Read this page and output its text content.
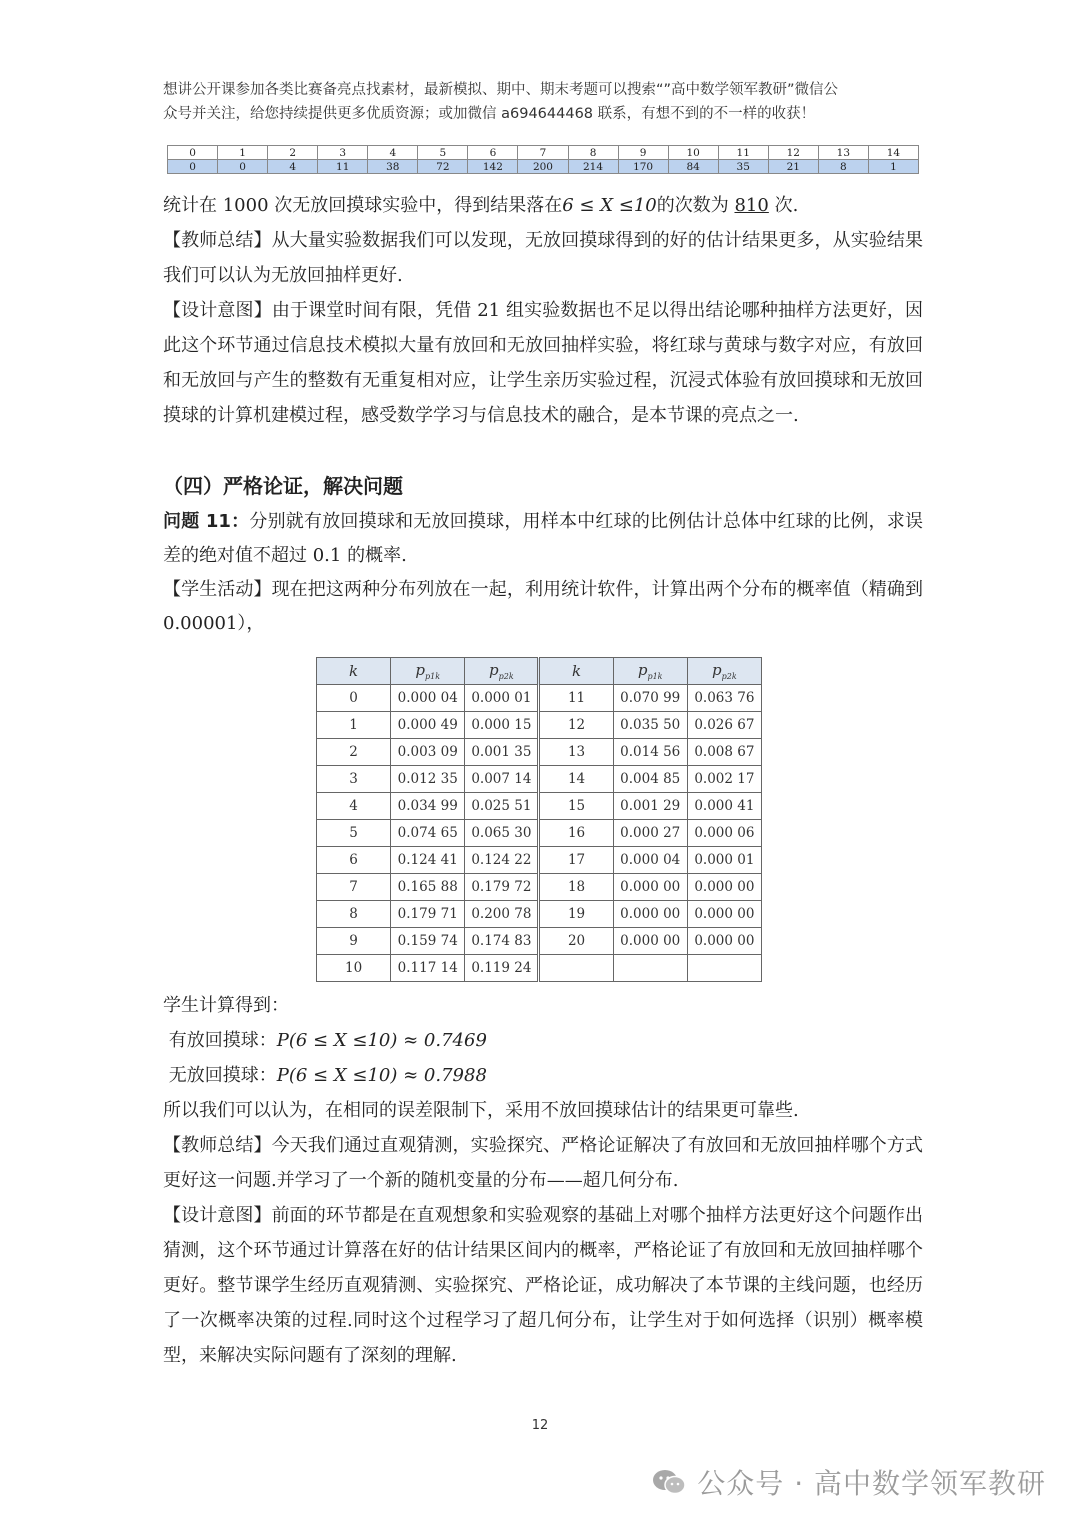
想讲公开课参加各类比赛备亮点找素材，最新模拟、期中、期末考题可以搜索“”高中数学领军教研”微信公

众号并关注，给您持续提供更多优质资源；或加微信 a694644468 联系，有想不到的不一样的收获！

0	1	2	3	4	5	6	7	8	9	10	11	12	13	14
0	0	4	11	38	72	142	200	214	170	84	35	21	8	1

统计在 1000 次无放回摸球实验中，得到结果落在6 ≤ X ≤10的次数为 810 次.

【教师总结】从大量实验数据我们可以发现，无放回摸球得到的好的估计结果更多，从实验结果我们可以认为无放回抽样更好.

【设计意图】由于课堂时间有限，凭借 21 组实验数据也不足以得出结论哪种抽样方法更好，因此这个环节通过信息技术模拟大量有放回和无放回抽样实验，将红球与黄球与数字对应，有放回和无放回与产生的整数有无重复相对应，让学生亲历实验过程，沉浸式体验有放回摸球和无放回摸球的计算机建模过程，感受数学学习与信息技术的融合，是本节课的亮点之一.

（四）严格论证，解决问题

问题 11：分别就有放回摸球和无放回摸球，用样本中红球的比例估计总体中红球的比例，求误差的绝对值不超过 0.1 的概率.

【学生活动】现在把这两种分布列放在一起，利用统计软件，计算出两个分布的概率值（精确到 0.00001），

k	$p_{p1k}$	$p_{p2k}$	k	$p_{p1k}$	$p_{p2k}$
0	0.000 04	0.000 01	11	0.070 99	0.063 76
1	0.000 49	0.000 15	12	0.035 50	0.026 67
2	0.003 09	0.001 35	13	0.014 56	0.008 67
3	0.012 35	0.007 14	14	0.004 85	0.002 17
4	0.034 99	0.025 51	15	0.001 29	0.000 41
5	0.074 65	0.065 30	16	0.000 27	0.000 06
6	0.124 41	0.124 22	17	0.000 04	0.000 01
7	0.165 88	0.179 72	18	0.000 00	0.000 00
8	0.179 71	0.200 78	19	0.000 00	0.000 00
9	0.159 74	0.174 83	20	0.000 00	0.000 00
10	0.117 14	0.119 24			

学生计算得到：

有放回摸球：P(6 ≤ X ≤10) ≈ 0.7469

无放回摸球：P(6 ≤ X ≤10) ≈ 0.7988

所以我们可以认为，在相同的误差限制下，采用不放回摸球估计的结果更可靠些.

【教师总结】今天我们通过直观猜测，实验探究、严格论证解决了有放回和无放回抽样哪个方式更好这一问题.并学习了一个新的随机变量的分布——超几何分布.

【设计意图】前面的环节都是在直观想象和实验观察的基础上对哪个抽样方法更好这个问题作出猜测，这个环节通过计算落在好的估计结果区间内的概率，严格论证了有放回和无放回抽样哪个更好。整节课学生经历直观猜测、实验探究、严格论证，成功解决了本节课的主线问题，也经历了一次概率决策的过程.同时这个过程学习了超几何分布，让学生对于如何选择（识别）概率模型，来解决实际问题有了深刻的理解.

12
公众号 · 高中数学领军教研
